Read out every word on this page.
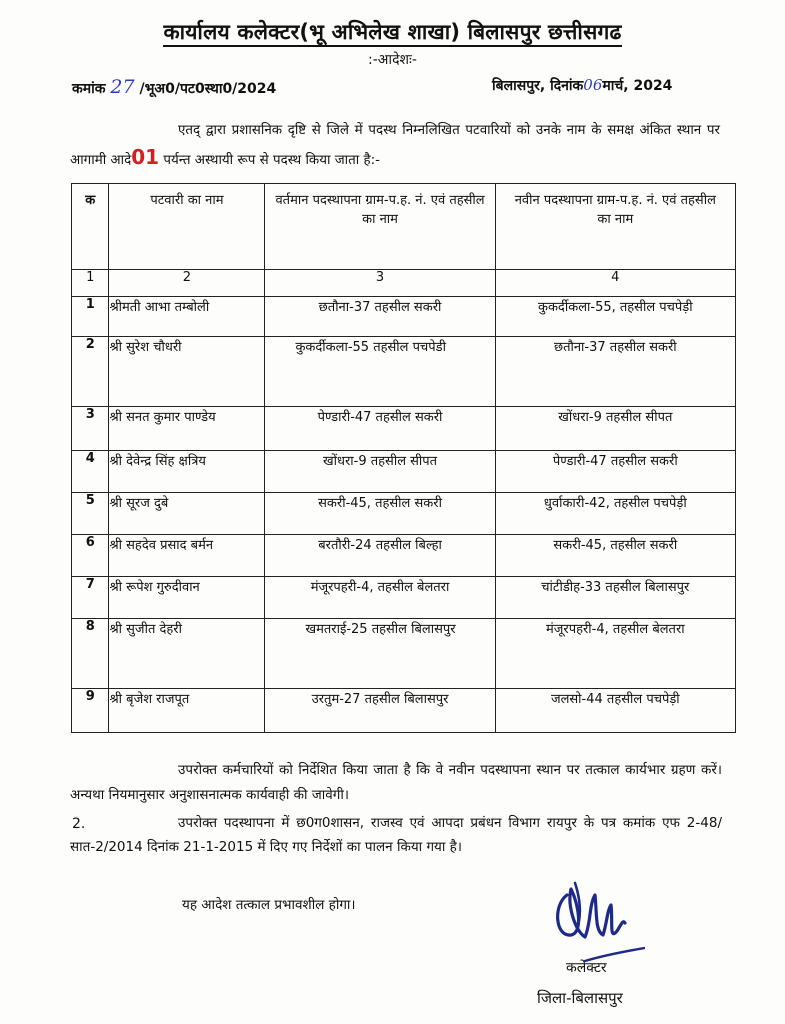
कार्यालय कलेक्टर(भू अभिलेख शाखा) बिलासपुर छत्तीसगढ
:-आदेशः-
कमांक 27 /भूअ0/पट0स्था0/2024	बिलासपुर, दिनांक06मार्च, 2024
एतद् द्वारा प्रशासनिक दृष्टि से जिले में पदस्थ निम्नलिखित पटवारियों को उनके नाम के समक्ष अंकित स्थान पर आगामी आदे01 पर्यन्त अस्थायी रूप से पदस्थ किया जाता है:-
क	पटवारी का नाम	वर्तमान पदस्थापना ग्राम-प.ह. नं. एवं तहसील का नाम	नवीन पदस्थापना ग्राम-प.ह. नं. एवं तहसील का नाम
1	2	3	4
1	श्रीमती आभा तम्बोली	छतौना-37 तहसील सकरी	कुकर्दीकला-55, तहसील पचपेड़ी
2	श्री सुरेश चौधरी	कुकर्दीकला-55 तहसील पचपेडी	छतौना-37 तहसील सकरी
3	श्री सनत कुमार पाण्डेय	पेण्डारी-47 तहसील सकरी	खोंधरा-9 तहसील सीपत
4	श्री देवेन्द्र सिंह क्षत्रिय	खोंधरा-9 तहसील सीपत	पेण्डारी-47 तहसील सकरी
5	श्री सूरज दुबे	सकरी-45, तहसील सकरी	धुर्वाकारी-42, तहसील पचपेड़ी
6	श्री सहदेव प्रसाद बर्मन	बरतौरी-24 तहसील बिल्हा	सकरी-45, तहसील सकरी
7	श्री रूपेश गुरुदीवान	मंजूरपहरी-4, तहसील बेलतरा	चांटीडीह-33 तहसील बिलासपुर
8	श्री सुजीत देहरी	खमतराई-25 तहसील बिलासपुर	मंजूरपहरी-4, तहसील बेलतरा
9	श्री बृजेश राजपूत	उरतुम-27 तहसील बिलासपुर	जलसो-44 तहसील पचपेड़ी
उपरोक्त कर्मचारियों को निर्देशित किया जाता है कि वे नवीन पदस्थापना स्थान पर तत्काल कार्यभार ग्रहण करें। अन्यथा नियमानुसार अनुशासनात्मक कार्यवाही की जावेगी।
2.	उपरोक्त पदस्थापना में छ0ग0शासन, राजस्व एवं आपदा प्रबंधन विभाग रायपुर के पत्र कमांक एफ 2-48/सात-2/2014 दिनांक 21-1-2015 में दिए गए निर्देशों का पालन किया गया है।
यह आदेश तत्काल प्रभावशील होगा।
कलेक्टर
जिला-बिलासपुर
